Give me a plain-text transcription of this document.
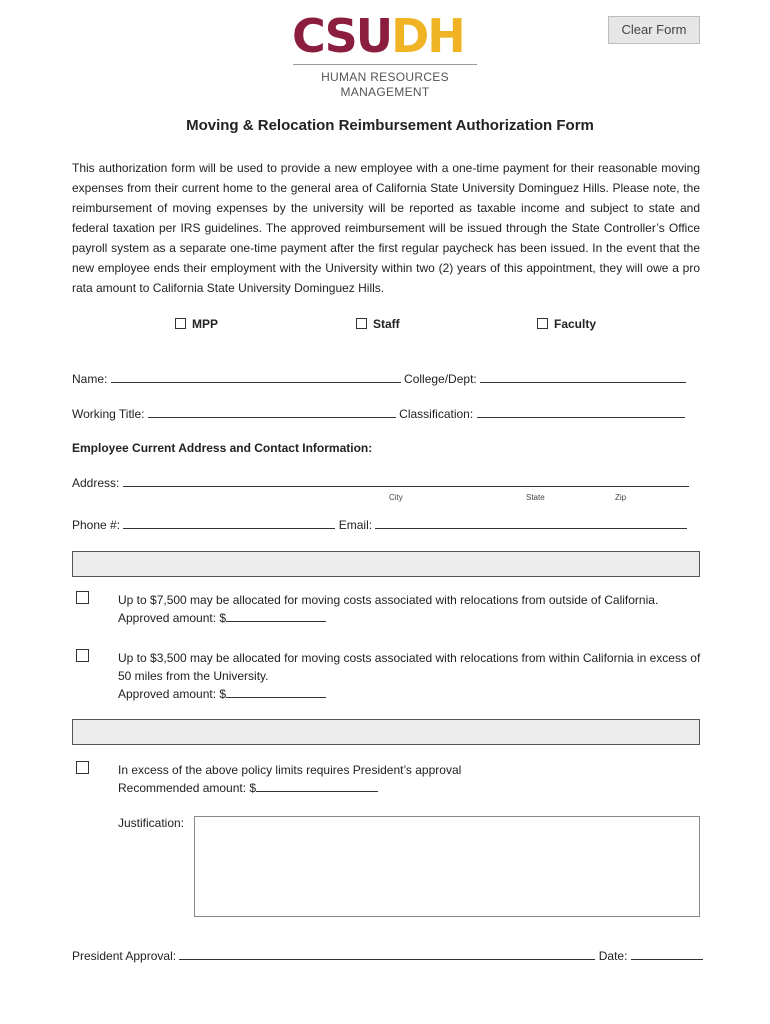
Clear Form
CSUDH
HUMAN RESOURCES
MANAGEMENT
Moving & Relocation Reimbursement Authorization Form
This authorization form will be used to provide a new employee with a one-time payment for their reasonable moving expenses from their current home to the general area of California State University Dominguez Hills. Please note, the reimbursement of moving expenses by the university will be reported as taxable income and subject to state and federal taxation per IRS guidelines. The approved reimbursement will be issued through the State Controller’s Office payroll system as a separate one-time payment after the first regular paycheck has been issued. In the event that the new employee ends their employment with the University within two (2) years of this appointment, they will owe a pro rata amount to California State University Dominguez Hills.
MPP	Staff	Faculty
Name:	College/Dept:
Working Title:	Classification:
Employee Current Address and Contact Information:
Address:
City	State	Zip
Phone #:	Email:
Up to $7,500 may be allocated for moving costs associated with relocations from outside of California.
Approved amount: $
Up to $3,500 may be allocated for moving costs associated with relocations from within California in excess of 50 miles from the University.
Approved amount: $
In excess of the above policy limits requires President’s approval
Recommended amount: $
Justification:
President Approval:	Date:
